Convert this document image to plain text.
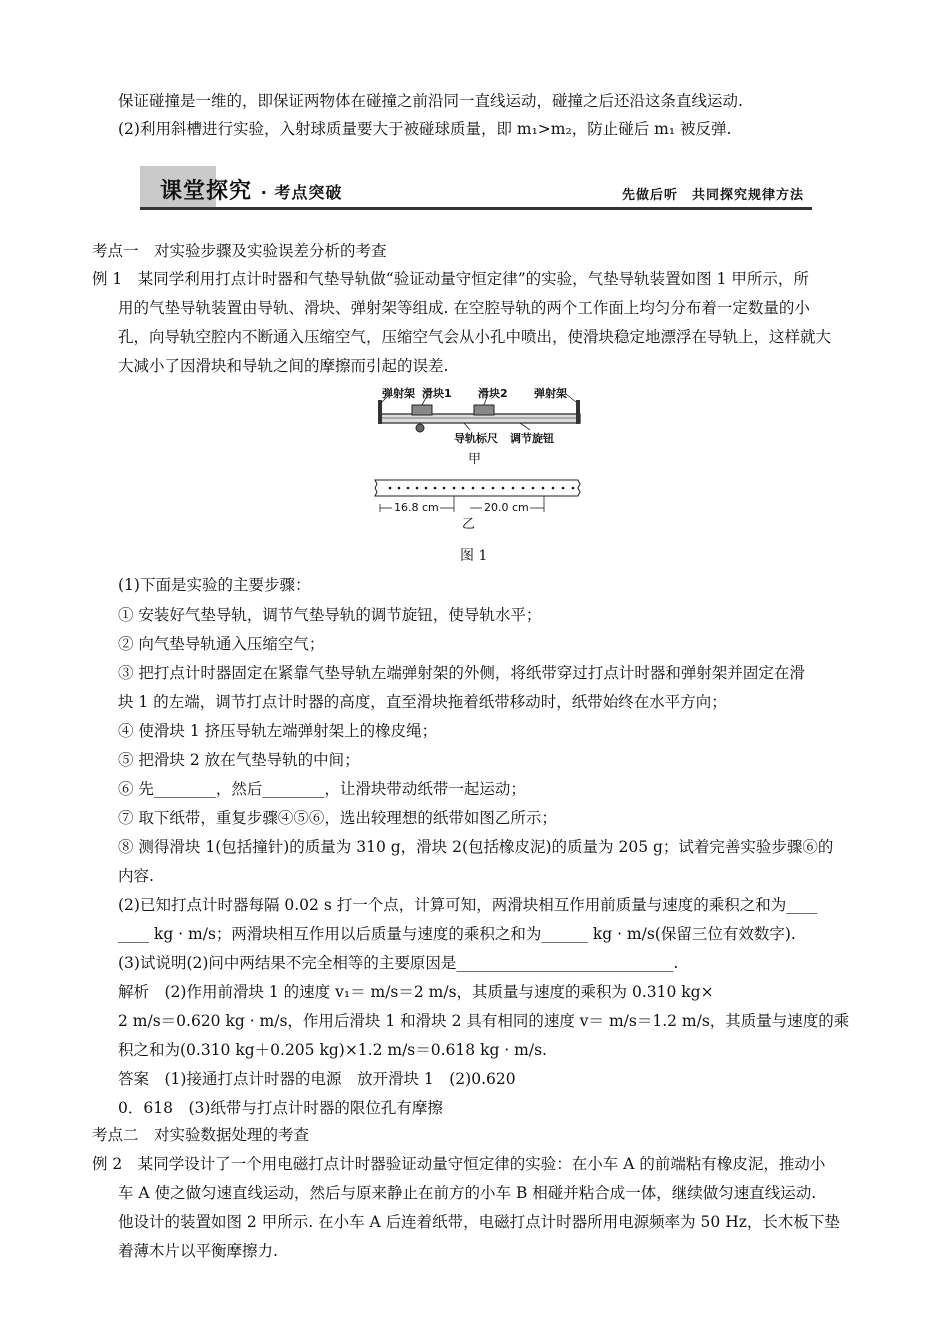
保证碰撞是一维的，即保证两物体在碰撞之前沿同一直线运动，碰撞之后还沿这条直线运动.
(2)利用斜槽进行实验，入射球质量要大于被碰球质量，即 m₁>m₂，防止碰后 m₁ 被反弹.
课堂探究 · 考点突破	先做后听　共同探究规律方法
考点一　对实验步骤及实验误差分析的考查
例 1　某同学利用打点计时器和气垫导轨做“验证动量守恒定律”的实验，气垫导轨装置如图 1 甲所示，所
用的气垫导轨装置由导轨、滑块、弹射架等组成. 在空腔导轨的两个工作面上均匀分布着一定数量的小
孔，向导轨空腔内不断通入压缩空气，压缩空气会从小孔中喷出，使滑块稳定地漂浮在导轨上，这样就大
大减小了因滑块和导轨之间的摩擦而引起的误差.
弹射架 滑块1 滑块2 弹射架
导轨标尺 调节旋钮
甲
16.8 cm	20.0 cm
乙
图 1
(1)下面是实验的主要步骤：
① 安装好气垫导轨，调节气垫导轨的调节旋钮，使导轨水平；
② 向气垫导轨通入压缩空气；
③ 把打点计时器固定在紧靠气垫导轨左端弹射架的外侧，将纸带穿过打点计时器和弹射架并固定在滑
块 1 的左端，调节打点计时器的高度，直至滑块拖着纸带移动时，纸带始终在水平方向；
④ 使滑块 1 挤压导轨左端弹射架上的橡皮绳；
⑤ 把滑块 2 放在气垫导轨的中间；
⑥ 先________，然后________，让滑块带动纸带一起运动；
⑦ 取下纸带，重复步骤④⑤⑥，选出较理想的纸带如图乙所示；
⑧ 测得滑块 1(包括撞针)的质量为 310 g，滑块 2(包括橡皮泥)的质量为 205 g；试着完善实验步骤⑥的
内容.
(2)已知打点计时器每隔 0.02 s 打一个点，计算可知，两滑块相互作用前质量与速度的乘积之和为____
____ kg · m/s；两滑块相互作用以后质量与速度的乘积之和为______ kg · m/s(保留三位有效数字).
(3)试说明(2)问中两结果不完全相等的主要原因是____________________________.
解析　(2)作用前滑块 1 的速度 v₁＝ m/s＝2 m/s，其质量与速度的乘积为 0.310 kg×
2 m/s＝0.620 kg · m/s，作用后滑块 1 和滑块 2 具有相同的速度 v＝ m/s＝1.2 m/s，其质量与速度的乘
积之和为(0.310 kg＋0.205 kg)×1.2 m/s＝0.618 kg · m/s.
答案　(1)接通打点计时器的电源　放开滑块 1　(2)0.620
0．618　(3)纸带与打点计时器的限位孔有摩擦
考点二　对实验数据处理的考查
例 2　某同学设计了一个用电磁打点计时器验证动量守恒定律的实验：在小车 A 的前端粘有橡皮泥，推动小
车 A 使之做匀速直线运动，然后与原来静止在前方的小车 B 相碰并粘合成一体，继续做匀速直线运动.
他设计的装置如图 2 甲所示. 在小车 A 后连着纸带，电磁打点计时器所用电源频率为 50 Hz，长木板下垫
着薄木片以平衡摩擦力.
